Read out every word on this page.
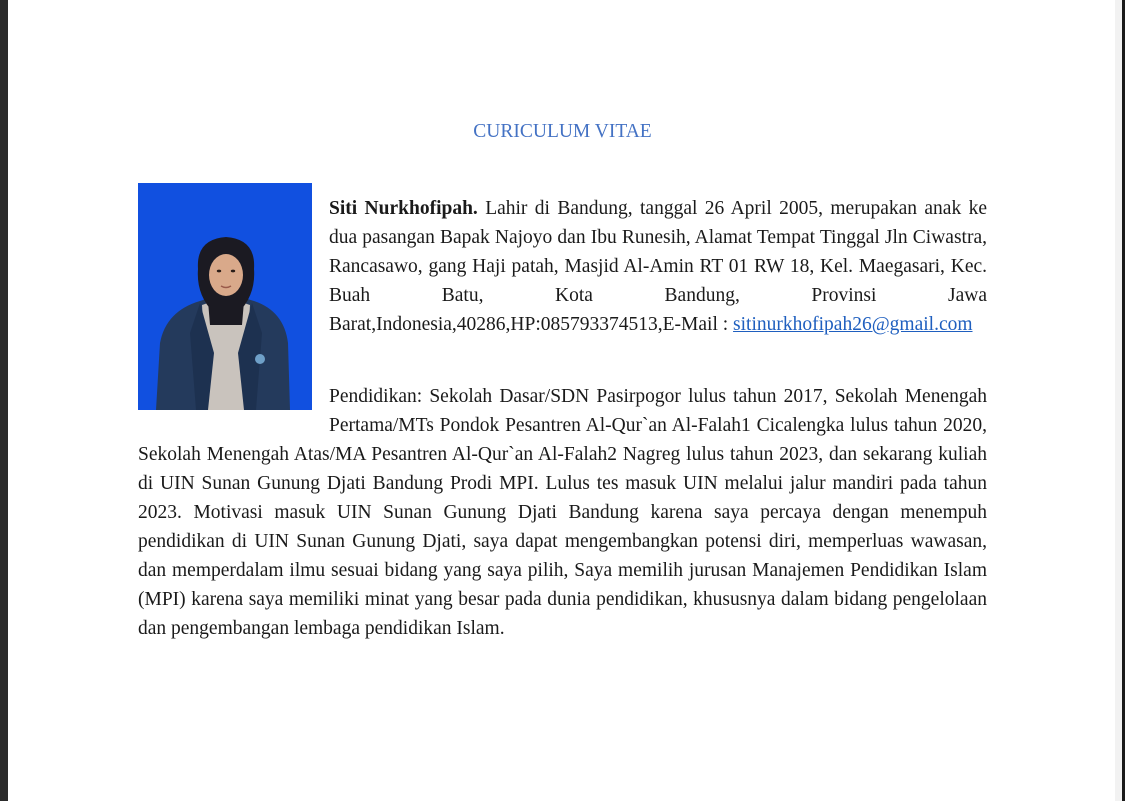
CURICULUM VITAE

Siti Nurkhofipah. Lahir di Bandung, tanggal 26 April 2005, merupakan anak ke dua pasangan Bapak Najoyo dan Ibu Runesih, Alamat Tempat Tinggal Jln Ciwastra, Rancasawo, gang Haji patah, Masjid Al-Amin RT 01 RW 18, Kel. Maegasari, Kec. Buah Batu, Kota Bandung, Provinsi Jawa Barat,Indonesia,40286,HP:085793374513,E-Mail : sitinurkhofipah26@gmail.com

Pendidikan: Sekolah Dasar/SDN Pasirpogor lulus tahun 2017, Sekolah Menengah Pertama/MTs Pondok Pesantren Al-Qur`an Al-Falah1 Cicalengka lulus tahun 2020, Sekolah Menengah Atas/MA Pesantren Al-Qur`an Al-Falah2 Nagreg lulus tahun 2023, dan sekarang kuliah di UIN Sunan Gunung Djati Bandung Prodi MPI. Lulus tes masuk UIN melalui jalur mandiri pada tahun 2023. Motivasi masuk UIN Sunan Gunung Djati Bandung karena saya percaya dengan menempuh pendidikan di UIN Sunan Gunung Djati, saya dapat mengembangkan potensi diri, memperluas wawasan, dan memperdalam ilmu sesuai bidang yang saya pilih, Saya memilih jurusan Manajemen Pendidikan Islam (MPI) karena saya memiliki minat yang besar pada dunia pendidikan, khususnya dalam bidang pengelolaan dan pengembangan lembaga pendidikan Islam.
